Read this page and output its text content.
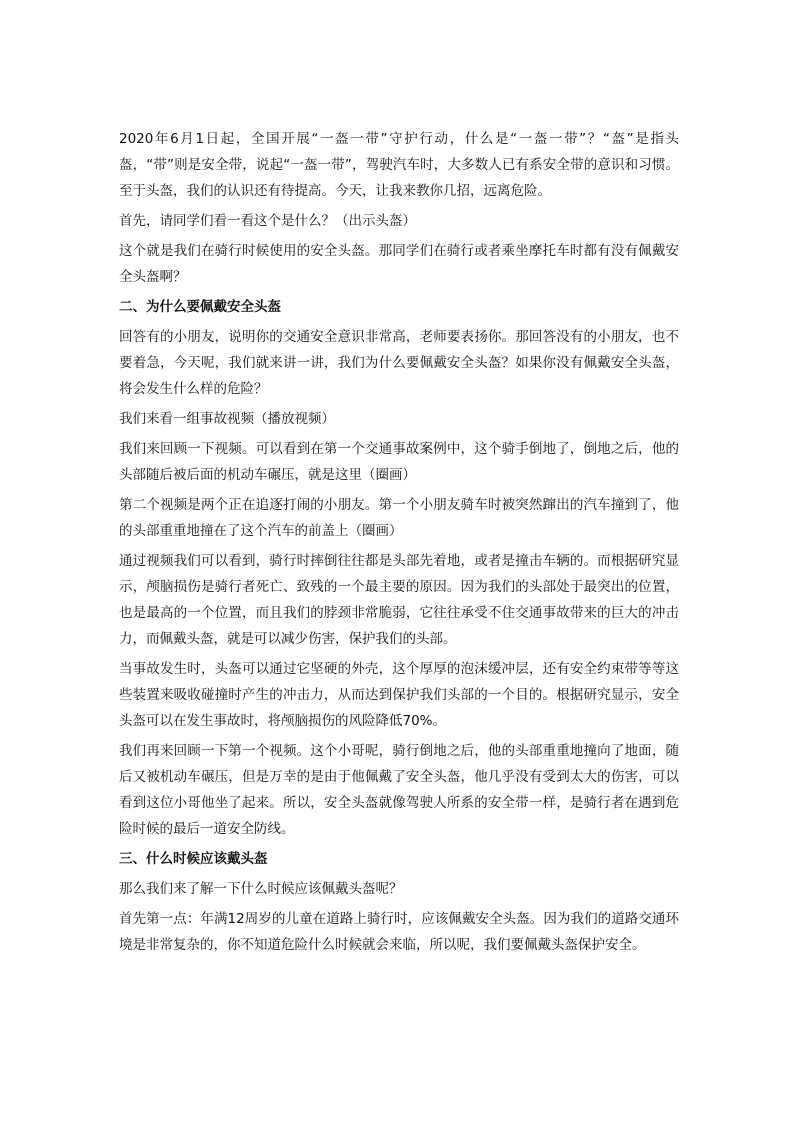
2020年6月1日起，全国开展“一盔一带”守护行动，什么是“一盔一带”？“盔”是指头盔，“带”则是安全带，说起“一盔一带”，驾驶汽车时，大多数人已有系安全带的意识和习惯。至于头盔，我们的认识还有待提高。今天，让我来教你几招，远离危险。

首先，请同学们看一看这个是什么？（出示头盔）

这个就是我们在骑行时候使用的安全头盔。那同学们在骑行或者乘坐摩托车时都有没有佩戴安全头盔啊？

二、为什么要佩戴安全头盔

回答有的小朋友，说明你的交通安全意识非常高，老师要表扬你。那回答没有的小朋友，也不要着急，今天呢，我们就来讲一讲，我们为什么要佩戴安全头盔？如果你没有佩戴安全头盔，将会发生什么样的危险？

我们来看一组事故视频（播放视频）

我们来回顾一下视频。可以看到在第一个交通事故案例中，这个骑手倒地了，倒地之后，他的头部随后被后面的机动车碾压，就是这里（圈画）

第二个视频是两个正在追逐打闹的小朋友。第一个小朋友骑车时被突然蹿出的汽车撞到了，他的头部重重地撞在了这个汽车的前盖上（圈画）

通过视频我们可以看到，骑行时摔倒往往都是头部先着地，或者是撞击车辆的。而根据研究显示，颅脑损伤是骑行者死亡、致残的一个最主要的原因。因为我们的头部处于最突出的位置，也是最高的一个位置，而且我们的脖颈非常脆弱，它往往承受不住交通事故带来的巨大的冲击力，而佩戴头盔，就是可以减少伤害，保护我们的头部。

当事故发生时，头盔可以通过它坚硬的外壳，这个厚厚的泡沫缓冲层，还有安全约束带等等这些装置来吸收碰撞时产生的冲击力，从而达到保护我们头部的一个目的。根据研究显示，安全头盔可以在发生事故时，将颅脑损伤的风险降低70%。

我们再来回顾一下第一个视频。这个小哥呢，骑行倒地之后，他的头部重重地撞向了地面，随后又被机动车碾压，但是万幸的是由于他佩戴了安全头盔，他几乎没有受到太大的伤害，可以看到这位小哥他坐了起来。所以，安全头盔就像驾驶人所系的安全带一样，是骑行者在遇到危险时候的最后一道安全防线。

三、什么时候应该戴头盔

那么我们来了解一下什么时候应该佩戴头盔呢？

首先第一点：年满12周岁的儿童在道路上骑行时，应该佩戴安全头盔。因为我们的道路交通环境是非常复杂的，你不知道危险什么时候就会来临，所以呢，我们要佩戴头盔保护安全。
